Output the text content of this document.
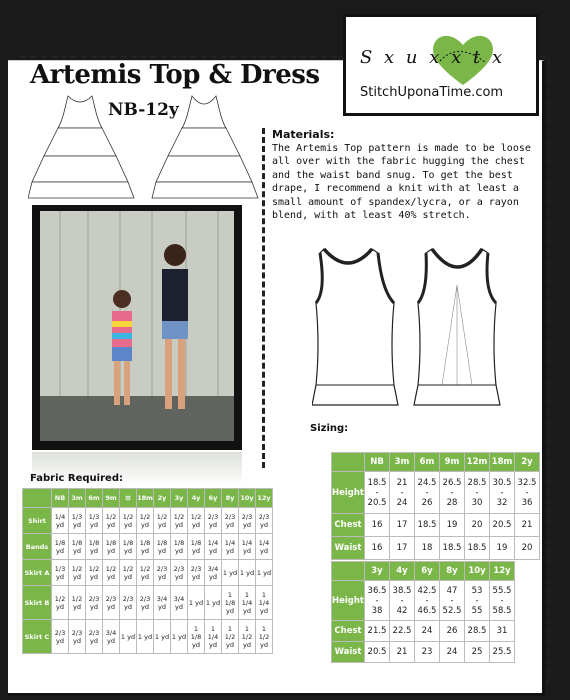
S x u x x t x
StitchUponaTime.com
Artemis Top & Dress
NB-12y
Materials:
The Artemis Top pattern is made to be loose all over with the fabric hugging the chest and the waist band snug. To get the best drape, I recommend a knit with at least a small amount of spandex/lycra, or a rayon blend, with at least 40% stretch.
Sizing:
Fabric Required:
	NB	3m	6m	9m	12m	18m	2y
Height	18.5
-
20.5	21
-
24	24.5
-
26	26.5
-
28	28.5
-
30	30.5
-
32	32.5
-
36
Chest	16	17	18.5	19	20	20.5	21
Waist	16	17	18	18.5	18.5	19	20
	3y	4y	6y	8y	10y	12y
Height	36.5
-
38	38.5
-
42	42.5
-
46.5	47
-
52.5	53
-
55	55.5
-
58.5
Chest	21.5	22.5	24	26	28.5	31
Waist	20.5	21	23	24	25	25.5
	NB	3m	6m	9m	⊞	18m	2y	3y	4y	6y	8y	10y	12y
Shirt	1/4
yd	1/3
yd	1/3
yd	1/2
yd	1/2
yd	1/2
yd	1/2
yd	1/2
yd	1/2
yd	2/3
yd	2/3
yd	2/3
yd	2/3
yd
Bands	1/8
yd	1/8
yd	1/8
yd	1/8
yd	1/8
yd	1/8
yd	1/8
yd	1/8
yd	1/8
yd	1/4
yd	1/4
yd	1/4
yd	1/4
yd
Skirt A	1/3
yd	1/2
yd	1/2
yd	1/2
yd	1/2
yd	1/2
yd	2/3
yd	2/3
yd	2/3
yd	3/4
yd	1 yd	1 yd	1 yd
Skirt B	1/2
yd	1/2
yd	2/3
yd	2/3
yd	2/3
yd	2/3
yd	3/4
yd	3/4
yd	1 yd	1 yd	1
1/8
yd	1
1/4
yd	1
1/4
yd
Skirt C	2/3
yd	2/3
yd	2/3
yd	3/4
yd	1 yd	1 yd	1 yd	1 yd	1
1/8
yd	1
1/4
yd	1
1/2
yd	1
1/2
yd	1
1/2
yd
